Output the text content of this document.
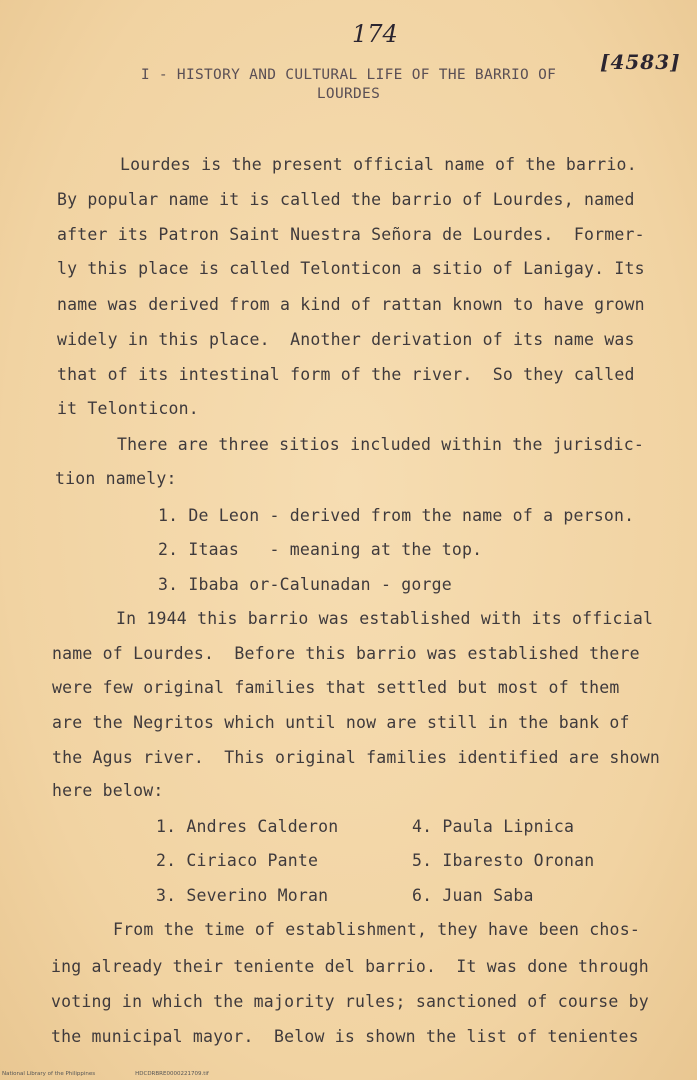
174
[4583]
I - HISTORY AND CULTURAL LIFE OF THE BARRIO OF
LOURDES
Lourdes is the present official name of the barrio.
By popular name it is called the barrio of Lourdes, named
after its Patron Saint Nuestra Señora de Lourdes.  Former-
ly this place is called Telonticon a sitio of Lanigay. Its
name was derived from a kind of rattan known to have grown
widely in this place.  Another derivation of its name was
that of its intestinal form of the river.  So they called
it Telonticon.
There are three sitios included within the jurisdic-
tion namely:
1. De Leon - derived from the name of a person.
2. Itaas   - meaning at the top.
3. Ibaba or-Calunadan - gorge
In 1944 this barrio was established with its official
name of Lourdes.  Before this barrio was established there
were few original families that settled but most of them
are the Negritos which until now are still in the bank of
the Agus river.  This original families identified are shown
here below:
1. Andres Calderon
2. Ciriaco Pante
3. Severino Moran
4. Paula Lipnica
5. Ibaresto Oronan
6. Juan Saba
From the time of establishment, they have been chos-
ing already their teniente del barrio.  It was done through
voting in which the majority rules; sanctioned of course by
the municipal mayor.  Below is shown the list of tenientes
National Library of the Philippines	HDCDRBRE0000221709.tif
